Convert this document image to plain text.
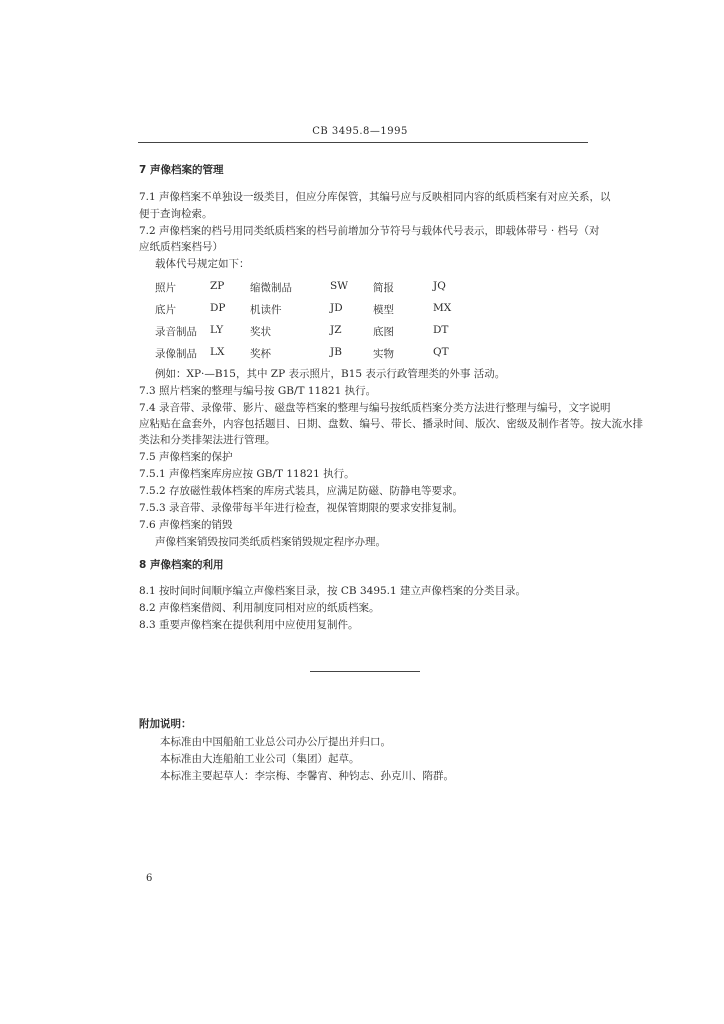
CB 3495.8—1995
7 声像档案的管理
7.1 声像档案不单独设一级类目，但应分库保管，其编号应与反映相同内容的纸质档案有对应关系，以
便于查询检索。
7.2 声像档案的档号用同类纸质档案的档号前增加分节符号与载体代号表示，即载体带号 · 档号（对
应纸质档案档号）
载体代号规定如下：
照片	ZP 缩微制品	SW 简报	JQ
底片	DP 机读件	JD	模型	MX
录音制品 LY	奖状	JZ	底图	DT
录像制品 LX 奖杯	JB	实物	QT
例如：XP·—B15，其中 ZP 表示照片，B15 表示行政管理类的外事 活动。
7.3 照片档案的整理与编号按 GB/T 11821 执行。
7.4 录音带、录像带、影片、磁盘等档案的整理与编号按纸质档案分类方法进行整理与编号，文字说明
应粘贴在盒套外，内容包括题目、日期、盘数、编号、带长、播录时间、版次、密级及制作者等。按大流水排
类法和分类排架法进行管理。
7.5 声像档案的保护
7.5.1 声像档案库房应按 GB/T 11821 执行。
7.5.2 存放磁性载体档案的库房式装具，应满足防磁、防静电等要求。
7.5.3 录音带、录像带每半年进行检查，视保管期限的要求安排复制。
7.6 声像档案的销毁
声像档案销毁按同类纸质档案销毁规定程序办理。
8 声像档案的利用
8.1 按时间时间顺序编立声像档案目录，按 CB 3495.1 建立声像档案的分类目录。
8.2 声像档案借阅、利用制度同相对应的纸质档案。
8.3 重要声像档案在提供利用中应使用复制件。
附加说明：
本标准由中国船舶工业总公司办公厅提出并归口。
本标准由大连船舶工业公司（集团）起草。
本标准主要起草人：李宗梅、李馨宵、种钧志、孙克川、隋群。
6
